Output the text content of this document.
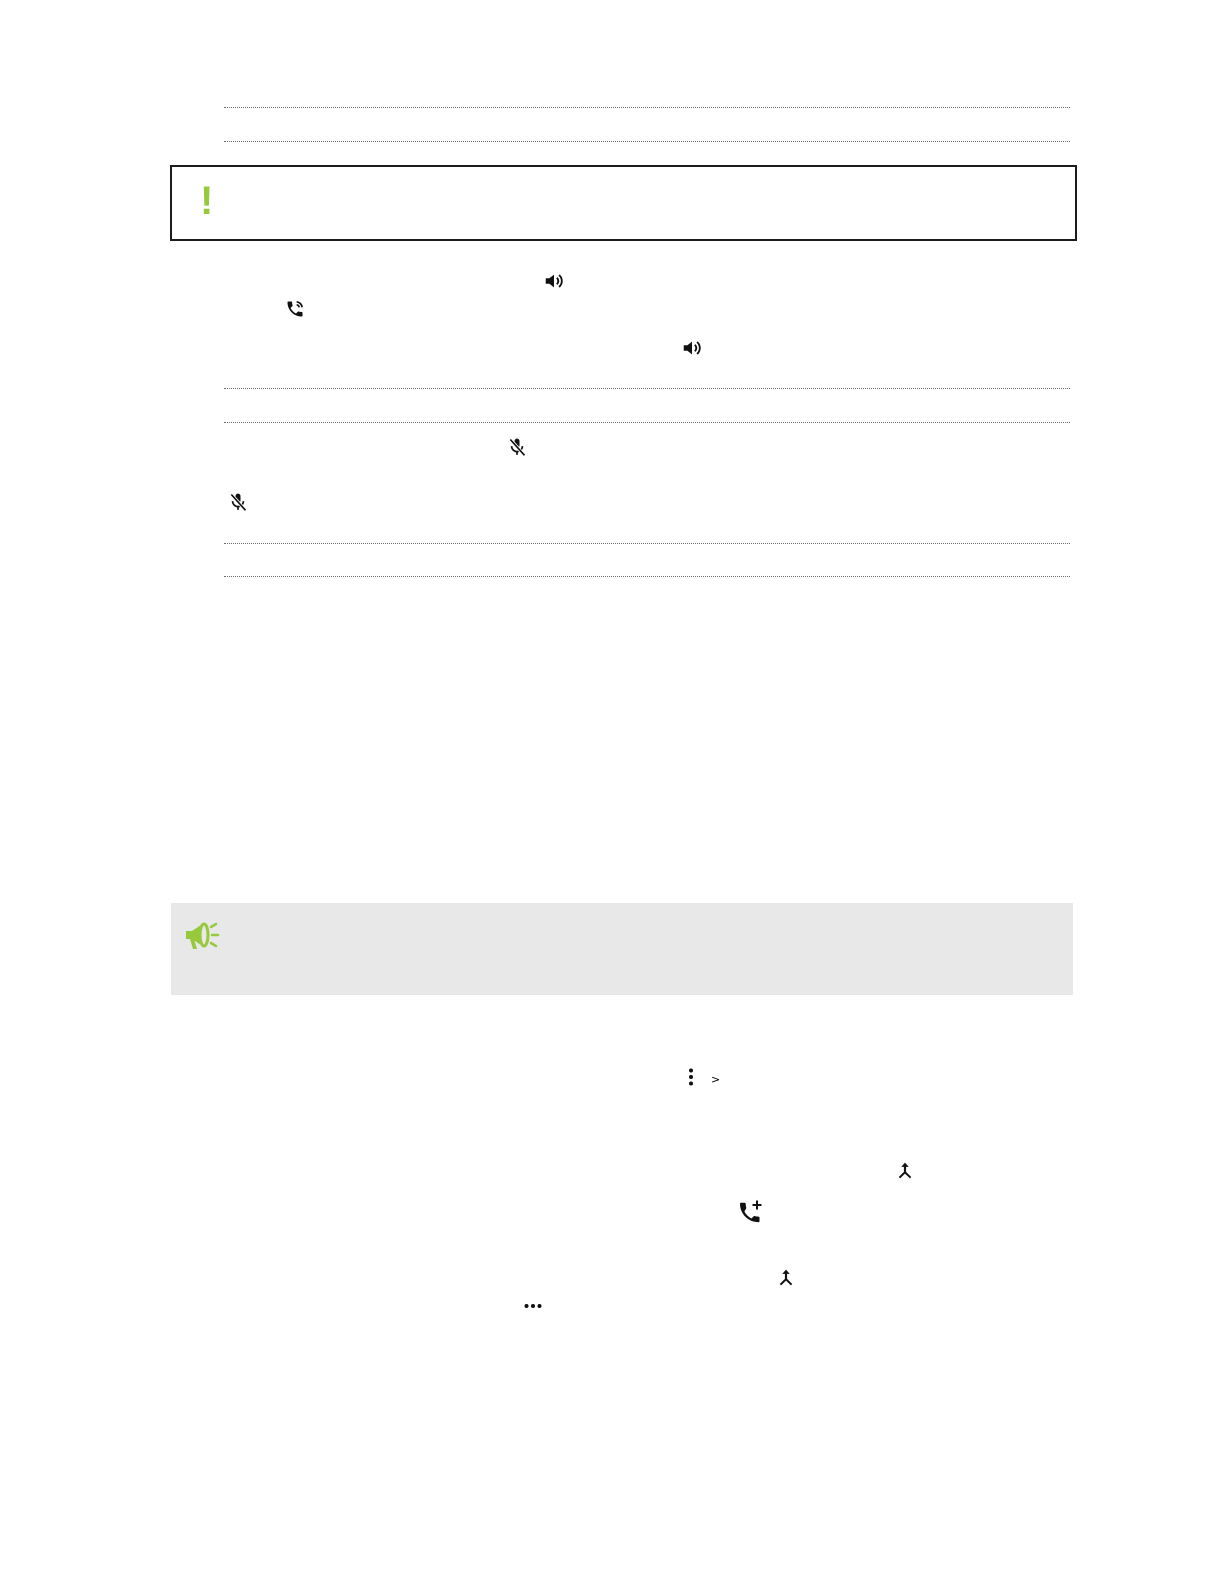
!
>
